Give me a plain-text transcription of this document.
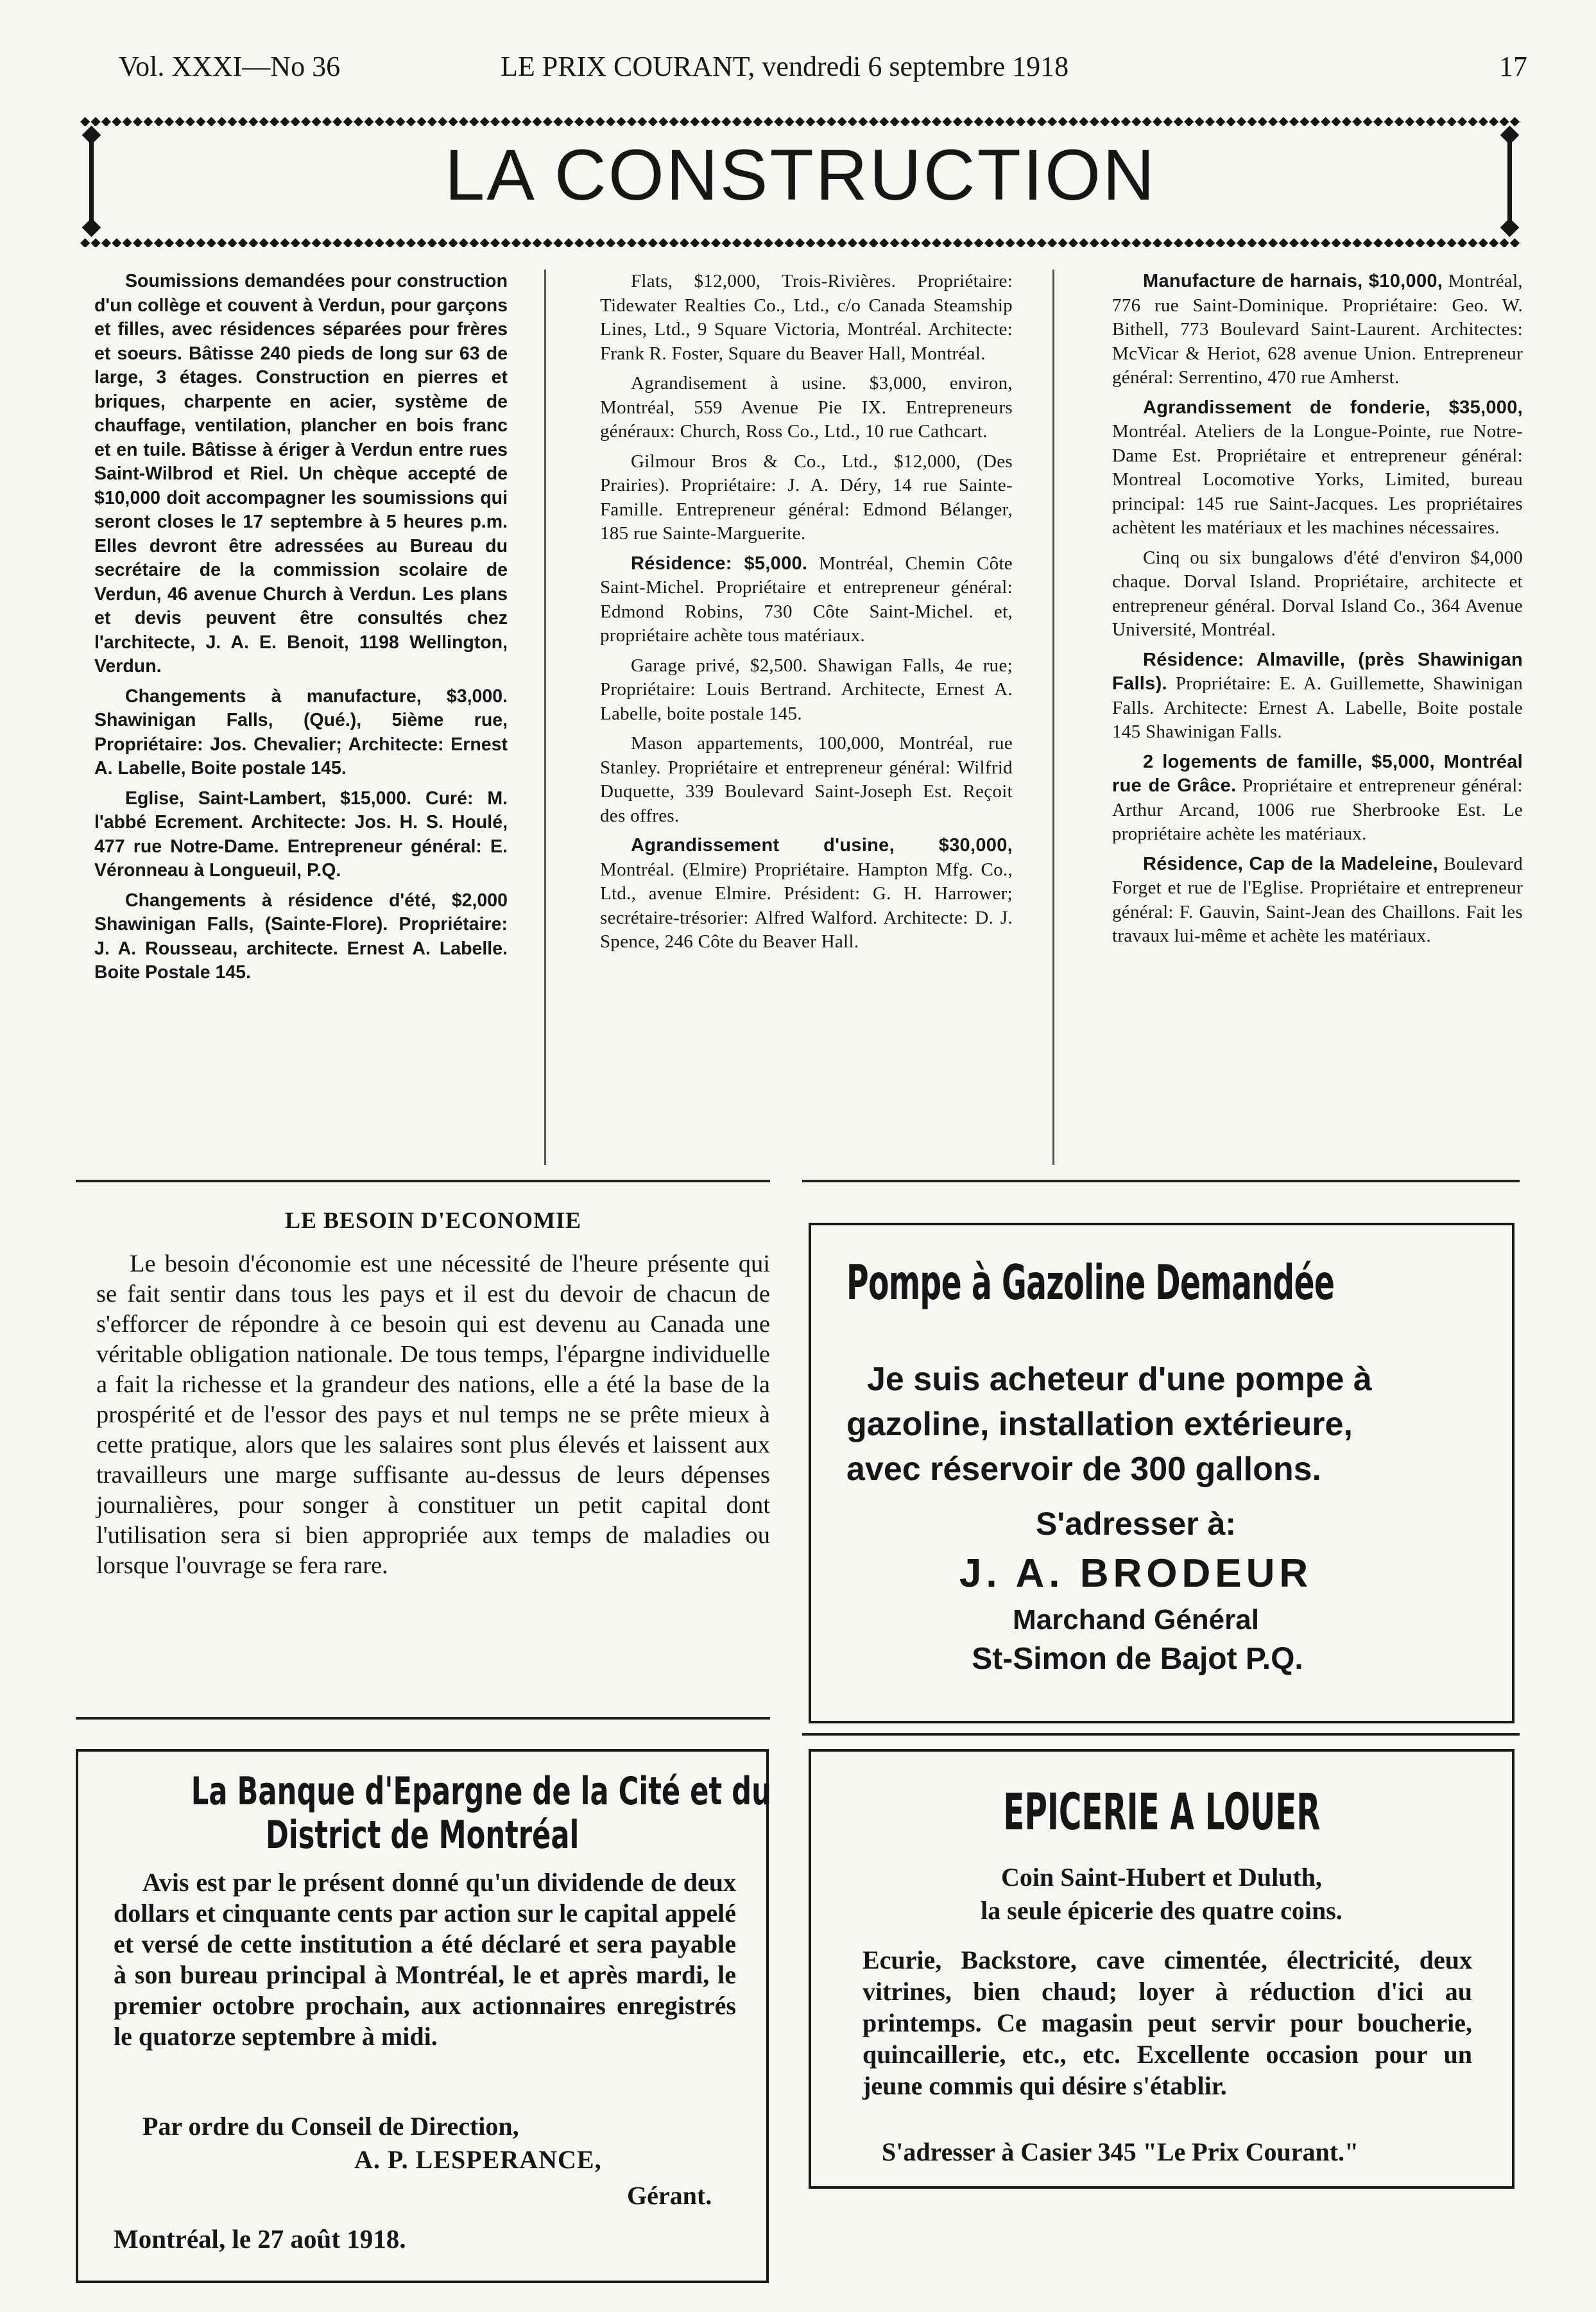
Vol. XXXI—No 36	LE PRIX COURANT, vendredi 6 septembre 1918	17
◆◆◆◆◆◆◆◆◆◆◆◆◆◆◆◆◆◆◆◆◆◆◆◆◆◆◆◆◆◆◆◆◆◆◆◆◆◆◆◆◆◆◆◆◆◆◆◆◆◆◆◆◆◆◆◆◆◆◆◆◆◆◆◆◆◆◆◆◆◆◆◆◆◆◆◆◆◆◆◆◆◆◆◆◆◆◆◆◆◆◆◆◆◆◆◆◆◆◆◆◆◆◆◆◆◆◆◆◆◆◆◆◆◆◆◆◆◆◆◆◆◆◆◆◆◆◆◆◆◆◆◆◆◆◆◆◆◆
LA CONSTRUCTION
◆◆◆◆◆◆◆◆◆◆◆◆◆◆◆◆◆◆◆◆◆◆◆◆◆◆◆◆◆◆◆◆◆◆◆◆◆◆◆◆◆◆◆◆◆◆◆◆◆◆◆◆◆◆◆◆◆◆◆◆◆◆◆◆◆◆◆◆◆◆◆◆◆◆◆◆◆◆◆◆◆◆◆◆◆◆◆◆◆◆◆◆◆◆◆◆◆◆◆◆◆◆◆◆◆◆◆◆◆◆◆◆◆◆◆◆◆◆◆◆◆◆◆◆◆◆◆◆◆◆◆◆◆◆◆◆◆◆

Soumissions demandées pour construction d'un collège et couvent à Verdun, pour garçons et filles, avec résidences séparées pour frères et soeurs. Bâtisse 240 pieds de long sur 63 de large, 3 étages. Construction en pierres et briques, charpente en acier, système de chauffage, ventilation, plancher en bois franc et en tuile. Bâtisse à ériger à Verdun entre rues Saint-Wilbrod et Riel. Un chèque accepté de $10,000 doit accompagner les soumissions qui seront closes le 17 septembre à 5 heures p.m. Elles devront être adressées au Bureau du secrétaire de la commission scolaire de Verdun, 46 avenue Church à Verdun. Les plans et devis peuvent être consultés chez l'architecte, J. A. E. Benoit, 1198 Wellington, Verdun.

Changements à manufacture, $3,000. Shawinigan Falls, (Qué.), 5ième rue, Propriétaire: Jos. Chevalier; Architecte: Ernest A. Labelle, Boite postale 145.

Eglise, Saint-Lambert, $15,000. Curé: M. l'abbé Ecrement. Architecte: Jos. H. S. Houlé, 477 rue Notre-Dame. Entrepreneur général: E. Véronneau à Longueuil, P.Q.

Changements à résidence d'été, $2,000 Shawinigan Falls, (Sainte-Flore). Propriétaire: J. A. Rousseau, architecte. Ernest A. Labelle. Boite Postale 145.

Flats, $12,000, Trois-Rivières. Propriétaire: Tidewater Realties Co., Ltd., c/o Canada Steamship Lines, Ltd., 9 Square Victoria, Montréal. Architecte: Frank R. Foster, Square du Beaver Hall, Montréal.

Agrandisement à usine. $3,000, environ, Montréal, 559 Avenue Pie IX. Entrepreneurs généraux: Church, Ross Co., Ltd., 10 rue Cathcart.

Gilmour Bros & Co., Ltd., $12,000, (Des Prairies). Propriétaire: J. A. Déry, 14 rue Sainte-Famille. Entrepreneur général: Edmond Bélanger, 185 rue Sainte-Marguerite.

Résidence: $5,000. Montréal, Chemin Côte Saint-Michel. Propriétaire et entrepreneur général: Edmond Robins, 730 Côte Saint-Michel. et, propriétaire achète tous matériaux.

Garage privé, $2,500. Shawigan Falls, 4e rue; Propriétaire: Louis Bertrand. Architecte, Ernest A. Labelle, boite postale 145.

Mason appartements, 100,000, Montréal, rue Stanley. Propriétaire et entrepreneur général: Wilfrid Duquette, 339 Boulevard Saint-Joseph Est. Reçoit des offres.

Agrandissement d'usine, $30,000, Montréal. (Elmire) Propriétaire. Hampton Mfg. Co., Ltd., avenue Elmire. Président: G. H. Harrower; secrétaire-trésorier: Alfred Walford. Architecte: D. J. Spence, 246 Côte du Beaver Hall.

Manufacture de harnais, $10,000, Montréal, 776 rue Saint-Dominique. Propriétaire: Geo. W. Bithell, 773 Boulevard Saint-Laurent. Architectes: McVicar & Heriot, 628 avenue Union. Entrepreneur général: Serrentino, 470 rue Amherst.

Agrandissement de fonderie, $35,000, Montréal. Ateliers de la Longue-Pointe, rue Notre-Dame Est. Propriétaire et entrepreneur général: Montreal Locomotive Yorks, Limited, bureau principal: 145 rue Saint-Jacques. Les propriétaires achètent les matériaux et les machines nécessaires.

Cinq ou six bungalows d'été d'environ $4,000 chaque. Dorval Island. Propriétaire, architecte et entrepreneur général. Dorval Island Co., 364 Avenue Université, Montréal.

Résidence: Almaville, (près Shawinigan Falls). Propriétaire: E. A. Guillemette, Shawinigan Falls. Architecte: Ernest A. Labelle, Boite postale 145 Shawinigan Falls.

2 logements de famille, $5,000, Montréal rue de Grâce. Propriétaire et entrepreneur général: Arthur Arcand, 1006 rue Sherbrooke Est. Le propriétaire achète les matériaux.

Résidence, Cap de la Madeleine, Boulevard Forget et rue de l'Eglise. Propriétaire et entrepreneur général: F. Gauvin, Saint-Jean des Chaillons. Fait les travaux lui-même et achète les matériaux.

LE BESOIN D'ECONOMIE

Le besoin d'économie est une nécessité de l'heure présente qui se fait sentir dans tous les pays et il est du devoir de chacun de s'efforcer de répondre à ce besoin qui est devenu au Canada une véritable obligation nationale. De tous temps, l'épargne individuelle a fait la richesse et la grandeur des nations, elle a été la base de la prospérité et de l'essor des pays et nul temps ne se prête mieux à cette pratique, alors que les salaires sont plus élevés et laissent aux travailleurs une marge suffisante au-dessus de leurs dépenses journalières, pour songer à constituer un petit capital dont l'utilisation sera si bien appropriée aux temps de maladies ou lorsque l'ouvrage se fera rare.

Pompe à Gazoline Demandée
Je suis acheteur d'une pompe à
gazoline, installation extérieure,
avec réservoir de 300 gallons.
S'adresser à:
J. A. BRODEUR
Marchand Général
St-Simon de Bajot P.Q.
La Banque d'Epargne de la Cité et du
District de Montréal
Avis est par le présent donné qu'un dividende de deux dollars et cinquante cents par action sur le capital appelé et versé de cette institution a été déclaré et sera payable à son bureau principal à Montréal, le et après mardi, le premier octobre prochain, aux actionnaires enregistrés le quatorze septembre à midi.
Par ordre du Conseil de Direction,
A. P. LESPERANCE,
Gérant.
Montréal, le 27 août 1918.
EPICERIE A LOUER
Coin Saint-Hubert et Duluth,
la seule épicerie des quatre coins.
Ecurie, Backstore, cave cimentée, électricité, deux vitrines, bien chaud; loyer à réduction d'ici au printemps. Ce magasin peut servir pour boucherie, quincaillerie, etc., etc. Excellente occasion pour un jeune commis qui désire s'établir.
S'adresser à Casier 345 "Le Prix Courant."
